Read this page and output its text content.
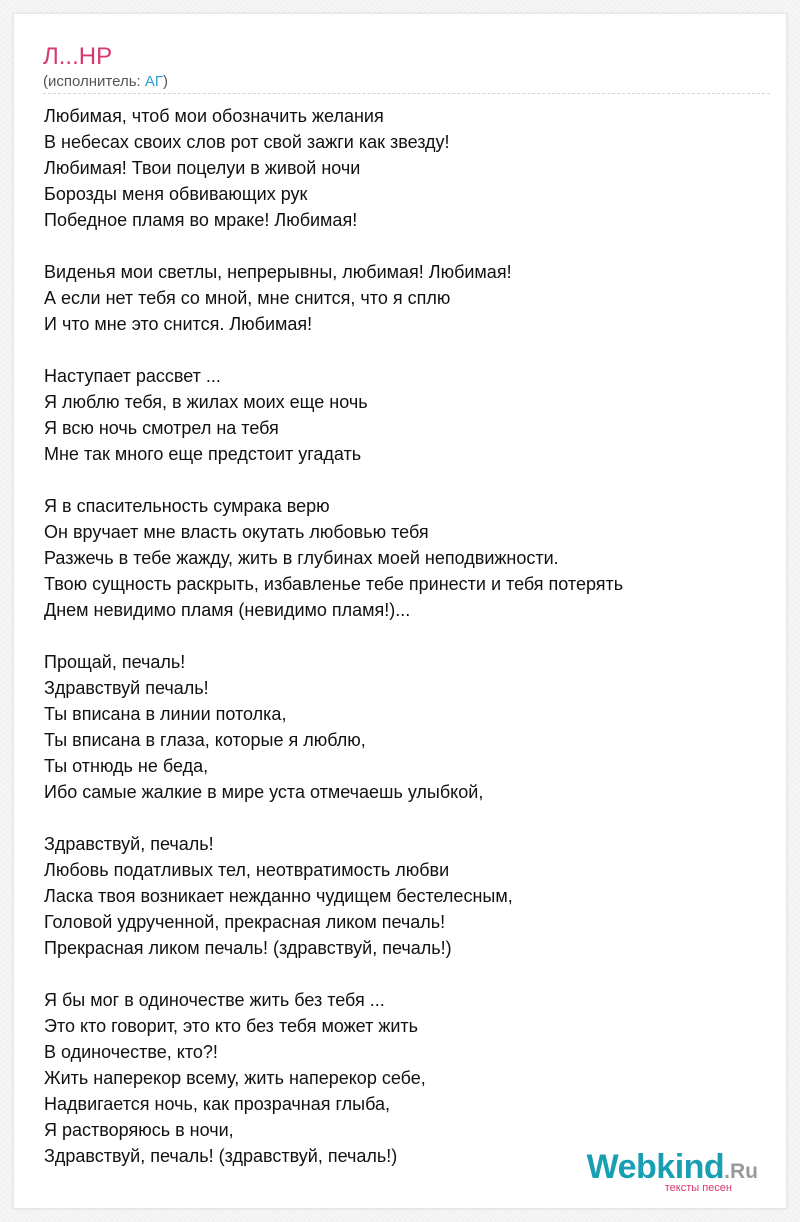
Л...НР
(исполнитель: АГ)
Любимая, чтоб мои обозначить желания
В небесах своих слов рот свой зажги как звезду!
Любимая! Твои поцелуи в живой ночи
Борозды меня обвивающих рук
Победное пламя во мраке! Любимая!
Виденья мои светлы, непрерывны, любимая! Любимая!
А если нет тебя со мной, мне снится, что я сплю
И что мне это снится. Любимая!
Наступает рассвет ...
Я люблю тебя, в жилах моих еще ночь
Я всю ночь смотрел на тебя
Мне так много еще предстоит угадать
Я в спасительность сумрака верю
Он вручает мне власть окутать любовью тебя
Разжечь в тебе жажду, жить в глубинах моей неподвижности.
Твою сущность раскрыть, избавленье тебе принести и тебя потерять
Днем невидимо пламя (невидимо пламя!)...
Прощай, печаль!
Здравствуй печаль!
Ты вписана в линии потолка,
Ты вписана в глаза, которые я люблю,
Ты отнюдь не беда,
Ибо самые жалкие в мире уста отмечаешь улыбкой,
Здравствуй, печаль!
Любовь податливых тел, неотвратимость любви
Ласка твоя возникает нежданно чудищем бестелесным,
Головой удрученной, прекрасная ликом печаль!
Прекрасная ликом печаль! (здравствуй, печаль!)
Я бы мог в одиночестве жить без тебя ...
Это кто говорит, это кто без тебя может жить
В одиночестве, кто?!
Жить наперекор всему, жить наперекор себе,
Надвигается ночь, как прозрачная глыба,
Я растворяюсь в ночи,
Здравствуй, печаль! (здравствуй, печаль!)	Webkind.Ru
тексты песен
